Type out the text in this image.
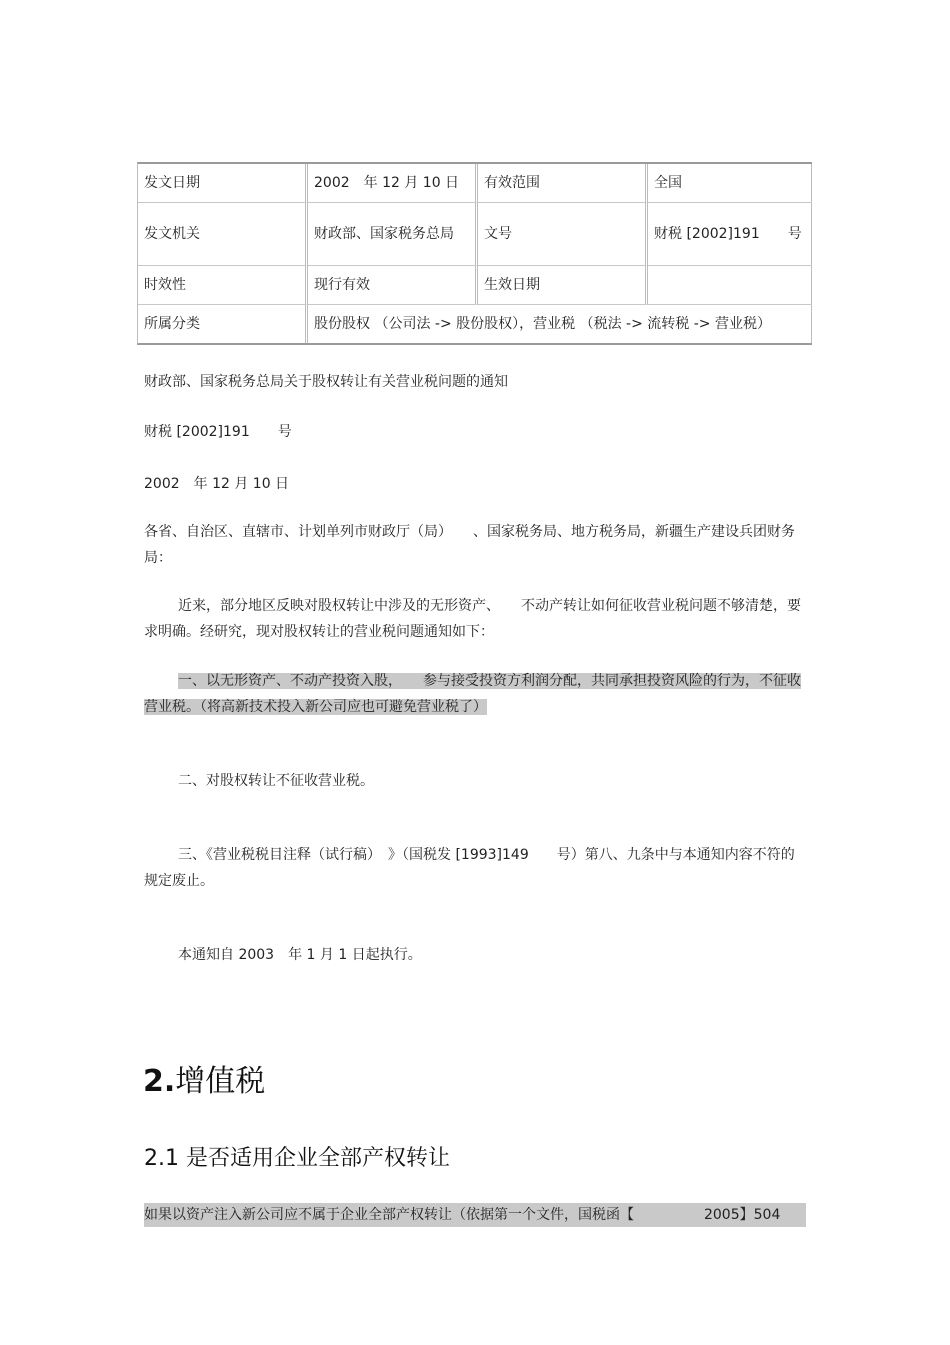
发文日期	2002　年 12 月 10 日	有效范围	全国
发文机关	财政部、国家税务总局	文号	财税 [2002]191　　号
时效性	现行有效	生效日期	
所属分类	股份股权 （公司法 -> 股份股权），营业税 （税法 -> 流转税 -> 营业税）		

财政部、国家税务总局关于股权转让有关营业税问题的通知

财税 [2002]191　　号

2002　年 12 月 10 日

各省、自治区、直辖市、计划单列市财政厅（局）　　、国家税务局、地方税务局，新疆生产建设兵团财务局：

近来，部分地区反映对股权转让中涉及的无形资产、　　不动产转让如何征收营业税问题不够清楚，要求明确。经研究，现对股权转让的营业税问题通知如下：

一、以无形资产、不动产投资入股，　　参与接受投资方利润分配，共同承担投资风险的行为，不征收营业税。（将高新技术投入新公司应也可避免营业税了）

二、对股权转让不征收营业税。

三、《营业税税目注释（试行稿）　》（国税发 [1993]149　　号）第八、九条中与本通知内容不符的规定废止。

本通知自 2003　年 1 月 1 日起执行。

2.增值税
2.1 是否适用企业全部产权转让
如果以资产注入新公司应不属于企业全部产权转让（依据第一个文件，国税函【　　　　　2005】504
